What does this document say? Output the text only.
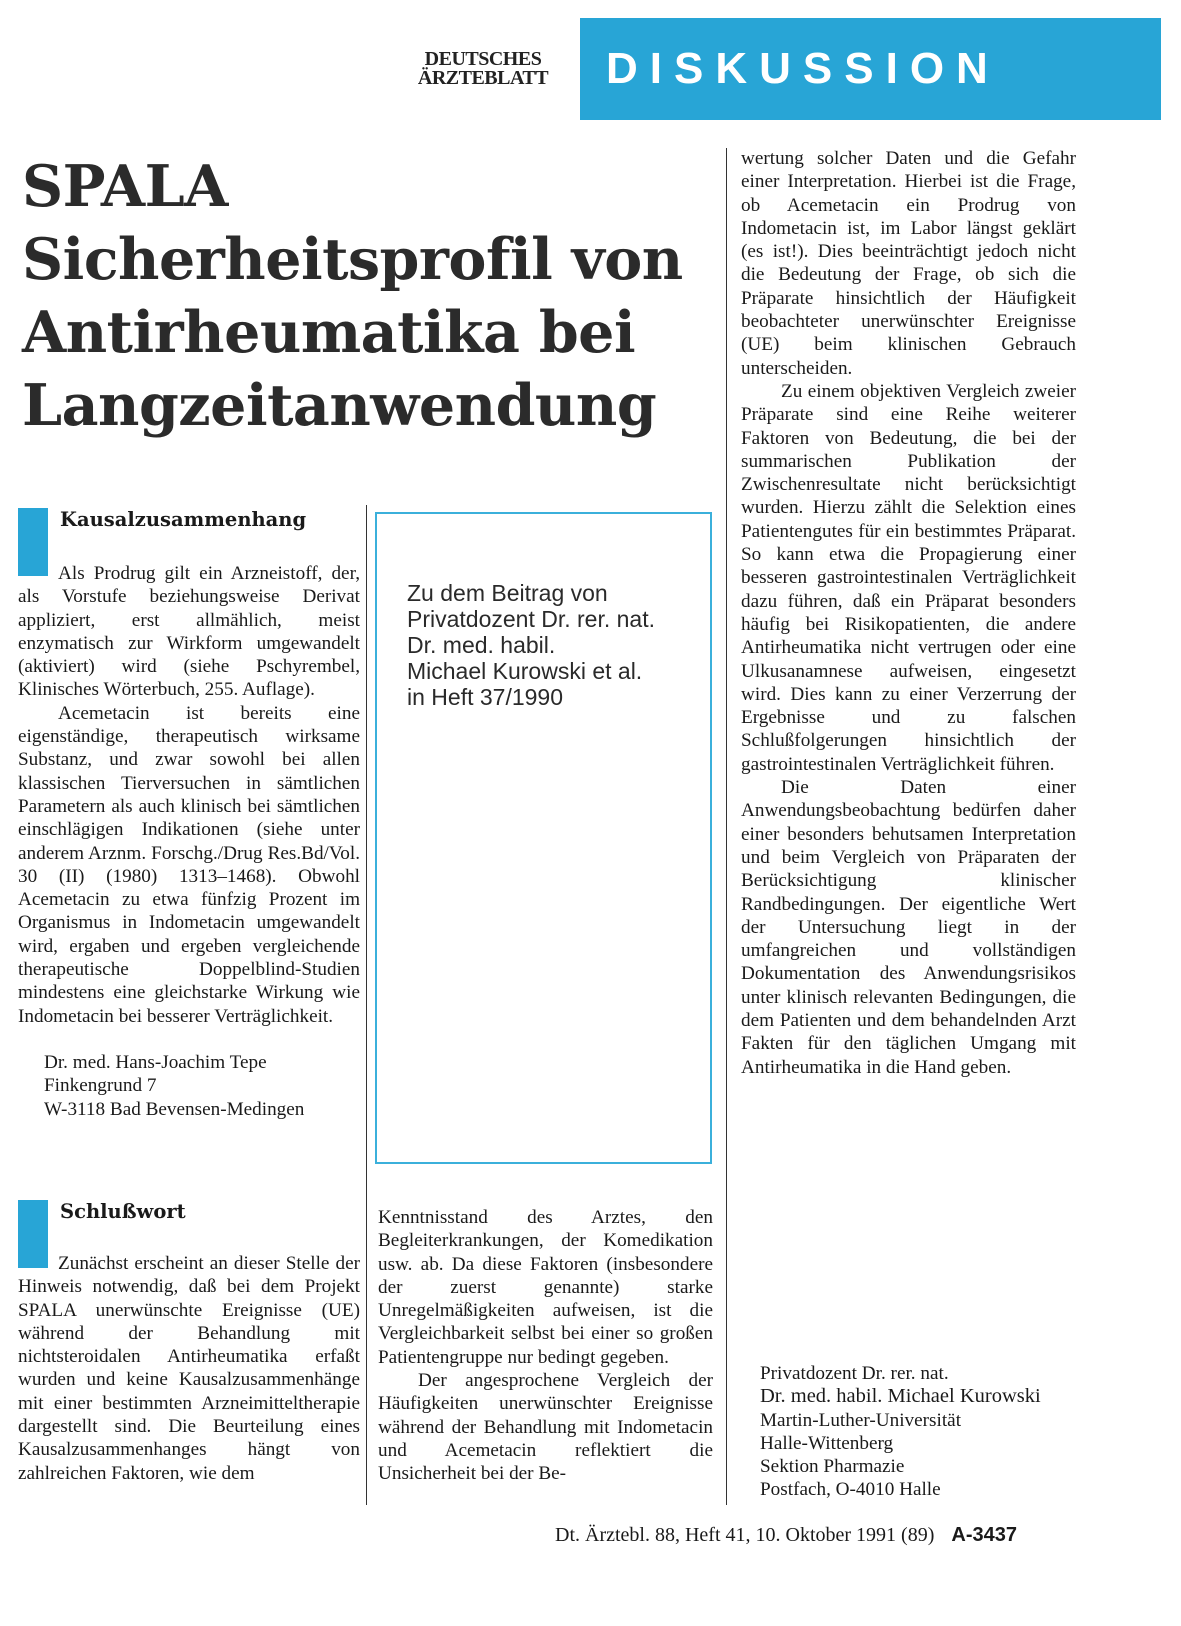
DEUTSCHES
ÄRZTEBLATT	DISKUSSION
SPALA
Sicherheitsprofil von
Antirheumatika bei
Langzeitanwendung
Kausalzusammenhang

Als Prodrug gilt ein Arzneistoff, der, als Vorstufe beziehungsweise Derivat appliziert, erst allmählich, meist enzymatisch zur Wirkform umgewandelt (aktiviert) wird (siehe Pschyrembel, Klinisches Wörterbuch, 255. Auflage).

Acemetacin ist bereits eine eigenständige, therapeutisch wirksame Substanz, und zwar sowohl bei allen klassischen Tierversuchen in sämtlichen Parametern als auch klinisch bei sämtlichen einschlägigen Indikationen (siehe unter anderem Arznm. Forschg./Drug Res.Bd/Vol. 30 (II) (1980) 1313–1468). Obwohl Acemetacin zu etwa fünfzig Prozent im Organismus in Indometacin umgewandelt wird, ergaben und ergeben vergleichende therapeutische Doppelblind-Studien mindestens eine gleichstarke Wirkung wie Indometacin bei besserer Verträglichkeit.

Dr. med. Hans-Joachim Tepe
Finkengrund 7
W-3118 Bad Bevensen-Medingen
Zu dem Beitrag von
Privatdozent Dr. rer. nat.
Dr. med. habil.
Michael Kurowski et al.
in Heft 37/1990
Schlußwort

Zunächst erscheint an dieser Stelle der Hinweis notwendig, daß bei dem Projekt SPALA unerwünschte Ereignisse (UE) während der Behandlung mit nichtsteroidalen Antirheumatika erfaßt wurden und keine Kausalzusammenhänge mit einer bestimmten Arzneimitteltherapie dargestellt sind. Die Beurteilung eines Kausalzusammenhanges hängt von zahlreichen Faktoren, wie dem

Kenntnisstand des Arztes, den Begleiterkrankungen, der Komedikation usw. ab. Da diese Faktoren (insbesondere der zuerst genannte) starke Unregelmäßigkeiten aufweisen, ist die Vergleichbarkeit selbst bei einer so großen Patientengruppe nur bedingt gegeben.

Der angesprochene Vergleich der Häufigkeiten unerwünschter Ereignisse während der Behandlung mit Indometacin und Acemetacin reflektiert die Unsicherheit bei der Be-

wertung solcher Daten und die Gefahr einer Interpretation. Hierbei ist die Frage, ob Acemetacin ein Prodrug von Indometacin ist, im Labor längst geklärt (es ist!). Dies beeinträchtigt jedoch nicht die Bedeutung der Frage, ob sich die Präparate hinsichtlich der Häufigkeit beobachteter unerwünschter Ereignisse (UE) beim klinischen Gebrauch unterscheiden.

Zu einem objektiven Vergleich zweier Präparate sind eine Reihe weiterer Faktoren von Bedeutung, die bei der summarischen Publikation der Zwischenresultate nicht berücksichtigt wurden. Hierzu zählt die Selektion eines Patientengutes für ein bestimmtes Präparat. So kann etwa die Propagierung einer besseren gastrointestinalen Verträglichkeit dazu führen, daß ein Präparat besonders häufig bei Risikopatienten, die andere Antirheumatika nicht vertrugen oder eine Ulkusanamnese aufweisen, eingesetzt wird. Dies kann zu einer Verzerrung der Ergebnisse und zu falschen Schlußfolgerungen hinsichtlich der gastrointestinalen Verträglichkeit führen.

Die Daten einer Anwendungsbeobachtung bedürfen daher einer besonders behutsamen Interpretation und beim Vergleich von Präparaten der Berücksichtigung klinischer Randbedingungen. Der eigentliche Wert der Untersuchung liegt in der umfangreichen und vollständigen Dokumentation des Anwendungsrisikos unter klinisch relevanten Bedingungen, die dem Patienten und dem behandelnden Arzt Fakten für den täglichen Umgang mit Antirheumatika in die Hand geben.

Privatdozent Dr. rer. nat.
Dr. med. habil. Michael Kurowski
Martin-Luther-Universität
Halle-Wittenberg
Sektion Pharmazie
Postfach, O-4010 Halle
Dt. Ärztebl. 88, Heft 41, 10. Oktober 1991 (89) A-3437
